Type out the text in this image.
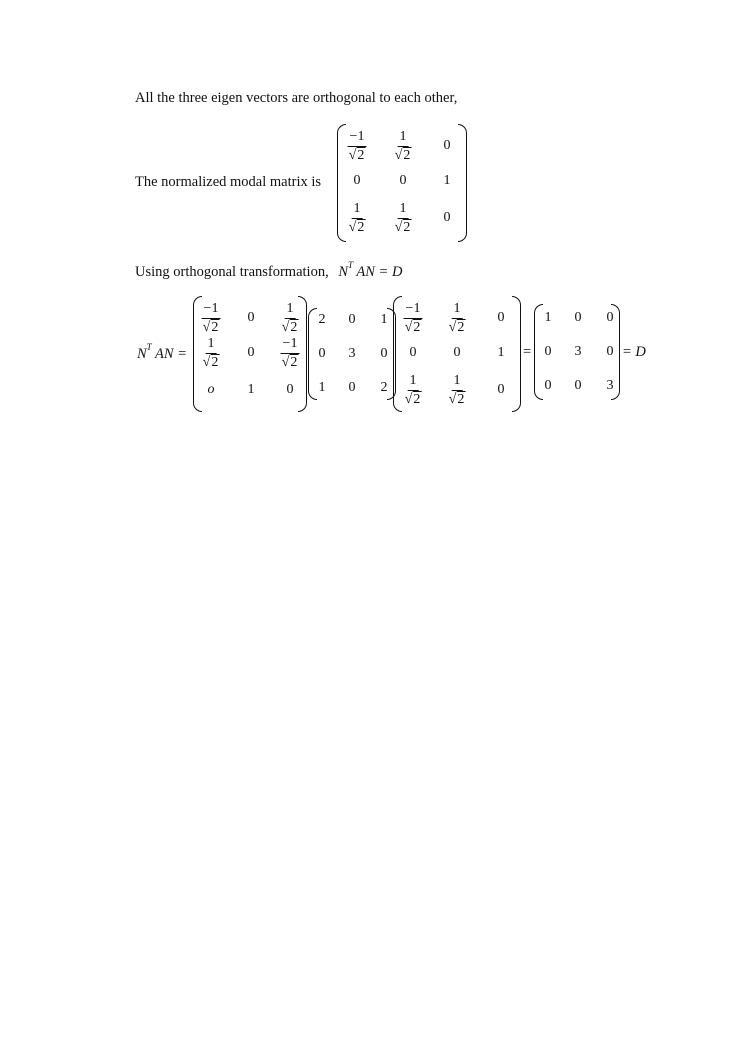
All the three eigen vectors are orthogonal to each other,
The normalized modal matrix is
$\frac{-1}{√2} \frac{1}{√2} 0$
0	0	1
$\frac{1}{√2} \frac{1}{√2} 0$
Using orthogonal transformation, $N^T$ AN = D
$N^T$ AN =
$\frac{-1}{√2} 0 \frac{1}{√2}$
$\frac{1}{√2} 0 \frac{-1}{√2}$
o 1 0
2 0 1
0 3 0
1 0 2
$\frac{-1}{√2} \frac{1}{√2} 0$
0	0	1
$\frac{1}{√2} \frac{1}{√2} 0$
=
1 0 0
0 3 0
0 0 3
= D
